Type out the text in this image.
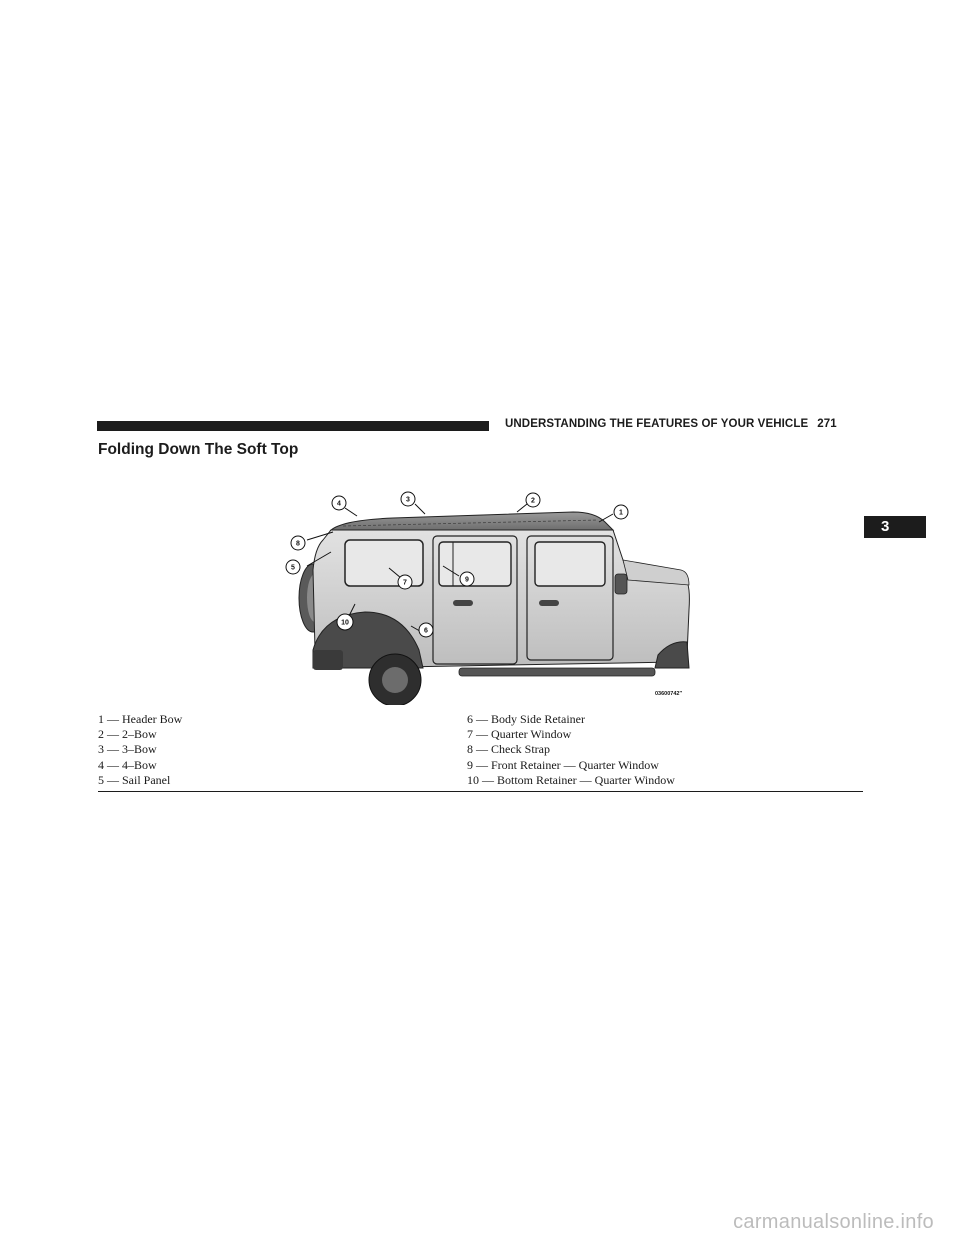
UNDERSTANDING THE FEATURES OF YOUR VEHICLE 271
Folding Down The Soft Top
3
1
2
3
4
5
6
7
8
9
10
03600742″
1 — Header Bow
2 — 2–Bow
3 — 3–Bow
4 — 4–Bow
5 — Sail Panel
6 — Body Side Retainer
7 — Quarter Window
8 — Check Strap
9 — Front Retainer — Quarter Window
10 — Bottom Retainer — Quarter Window
carmanualsonline.info
